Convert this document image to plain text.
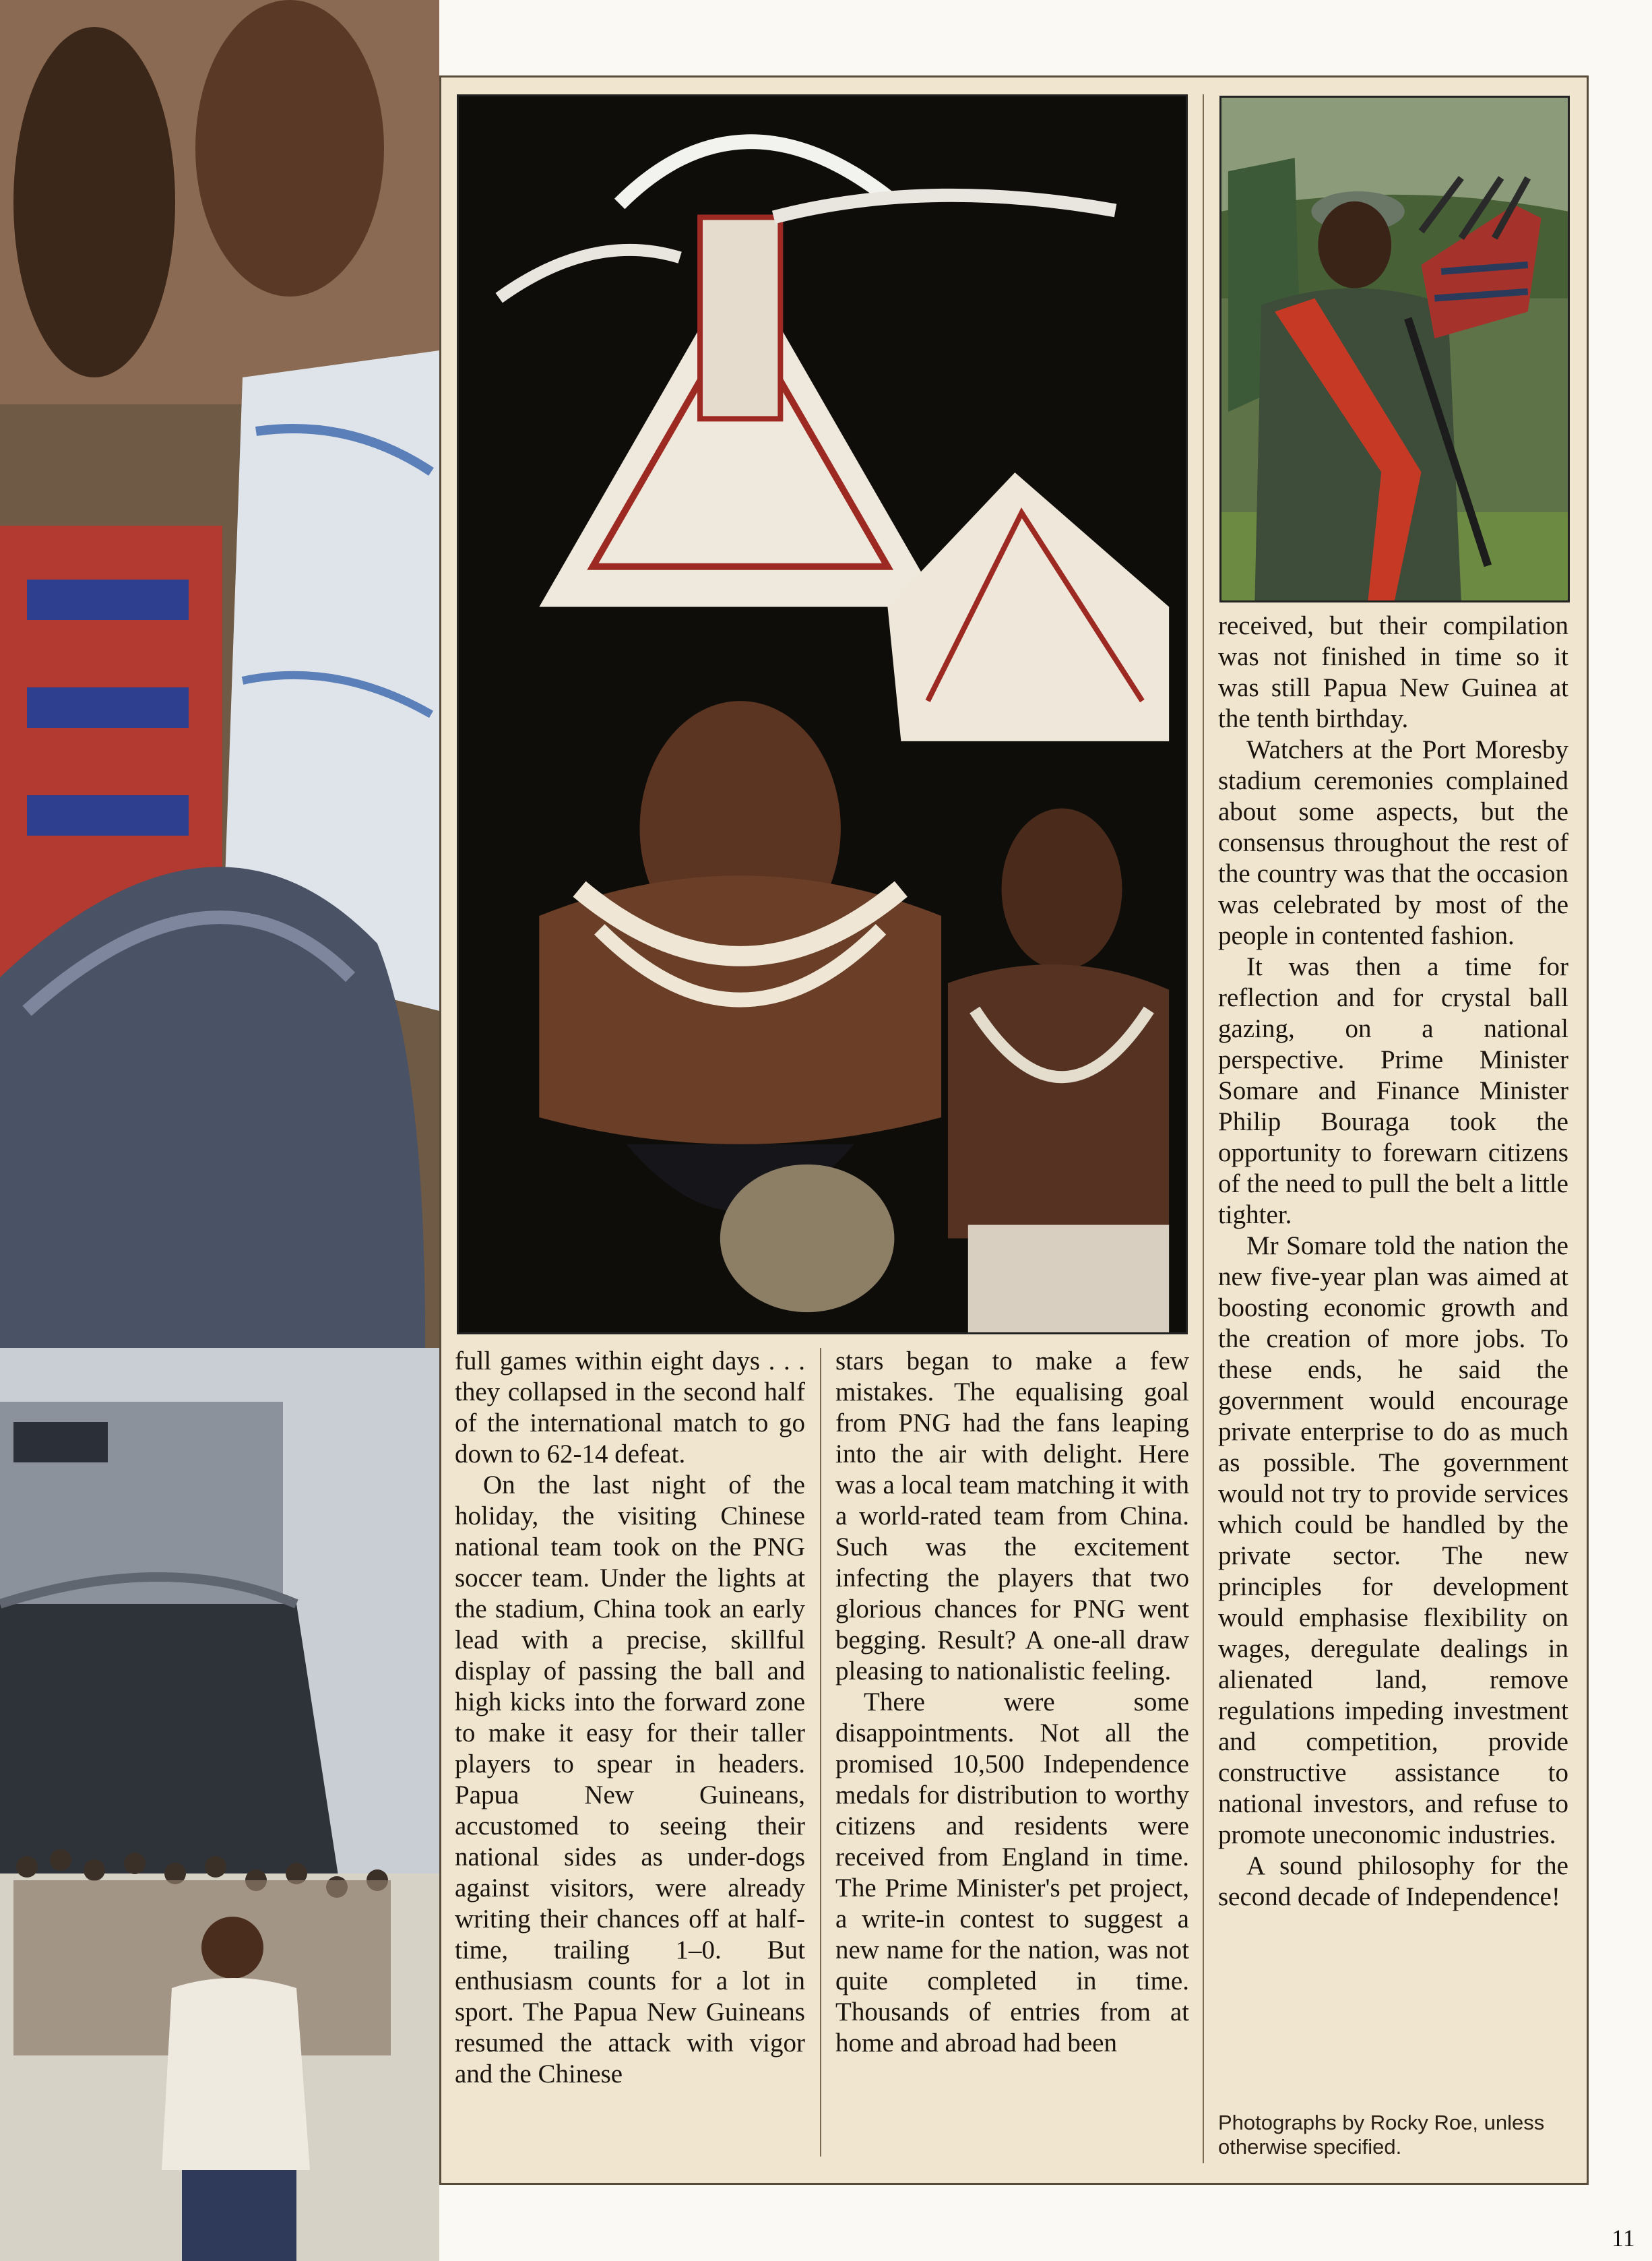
full games within eight days . . . they collapsed in the second half of the international match to go down to 62-14 defeat.

On the last night of the holiday, the visiting Chinese national team took on the PNG soccer team. Under the lights at the stadium, China took an early lead with a precise, skillful display of passing the ball and high kicks into the forward zone to make it easy for their taller players to spear in headers. Papua New Guineans, accustomed to seeing their national sides as under-dogs against visitors, were already writing their chances off at half-time, trailing 1–0. But enthusiasm counts for a lot in sport. The Papua New Guineans resumed the attack with vigor and the Chinese

stars began to make a few mistakes. The equalising goal from PNG had the fans leaping into the air with delight. Here was a local team matching it with a world-rated team from China. Such was the excitement infecting the players that two glorious chances for PNG went begging. Result? A one-all draw pleasing to nationalistic feeling.

There were some disappointments. Not all the promised 10,500 Independence medals for distribution to worthy citizens and residents were received from England in time. The Prime Minister's pet project, a write-in contest to suggest a new name for the nation, was not quite completed in time. Thousands of entries from at home and abroad had been

received, but their compilation was not finished in time so it was still Papua New Guinea at the tenth birthday.

Watchers at the Port Moresby stadium ceremonies complained about some aspects, but the consensus throughout the rest of the country was that the occasion was celebrated by most of the people in contented fashion.

It was then a time for reflection and for crystal ball gazing, on a national perspective. Prime Minister Somare and Finance Minister Philip Bouraga took the opportunity to forewarn citizens of the need to pull the belt a little tighter.

Mr Somare told the nation the new five-year plan was aimed at boosting economic growth and the creation of more jobs. To these ends, he said the government would encourage private enterprise to do as much as possible. The government would not try to provide services which could be handled by the private sector. The new principles for development would emphasise flexibility on wages, deregulate dealings in alienated land, remove regulations impeding investment and competition, provide constructive assistance to national investors, and refuse to promote uneconomic industries.

A sound philosophy for the second decade of Independence!

Photographs by Rocky Roe, unless otherwise specified.
11
